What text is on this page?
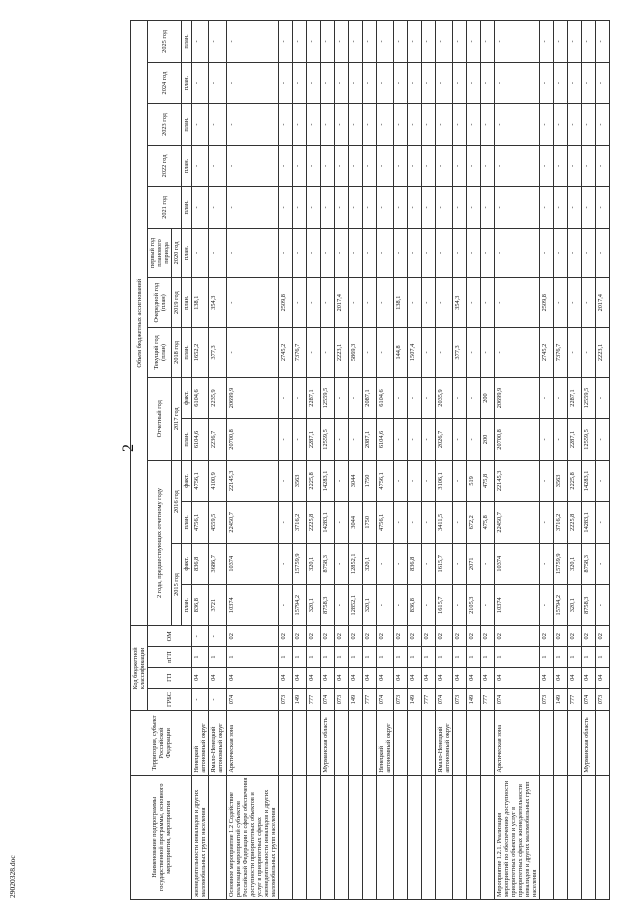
2
Наименование подпрограммы государственной программы, основного мероприятия, мероприятия	Территория, субъект Российской Федерации	Код бюджетной классификации				Объем бюджетных ассигнований													
		ГРБС	ГП	пГП	ОМ	2 года, предшествующих отчетному году				Отчетный год		Текущий год (план)	Очередной год (план)	первый год планового периода	2021 год	2022 год	2023 год	2024 год	2025 год
						2015 год		2016 год		2017 год		2018 год	2019 год	2020 год					
						план.	факт.	план.	факт.	план.	факт.	план.	план.	план.	план.	план.	план.	план.	план.
жизнедеятельности инвалидов и других маломобильных групп населения	Ненецкий автономный округ	-	04	1	-	836,8	836,8	4756,1	4756,1	6104,6	6104,6	1652,2	138,1	-	-	-	-	-	-
	Ямало-Ненецкий автономный округ	-	04	1	-	3721	3686,7	4559,5	4100,9	2236,7	2235,9	377,3	354,3	-	-	-	-	-	-
Основное мероприятие 1.2 Содействие реализации мероприятий субъектов Российской Федерации в сфере обеспечения доступности приоритетных объектов и услуг в приоритетных сферах жизнедеятельности инвалидов и других маломобильных групп населения	Арктическая зона	074	04	1	02	10374	10374	22450,7	22145,3	20700,8	20699,9	-	-	-	-	-	-	-	-
		073	04	1	02	-	-	-	-	-	-	2745,2	2509,8	-	-	-	-	-	-
		149	04	1	02	15794,2	15759,9	3716,2	3563	-	-	7376,7	-	-	-	-	-	-	-
		777	04	1	02	320,1	320,1	2225,8	2225,8	2287,1	2287,1	-	-	-	-	-	-	-	-
	Мурманская область	074	04	1	02	8758,3	8758,3	14283,1	14283,1	12559,5	12559,5	-	-	-	-	-	-	-	-
		073	04	1	02	-	-	-	-	-	-	2223,1	2017,4	-	-	-	-	-	-
		149	04	1	02	12852,1	12852,1	3044	3044	-	-	5869,3	-	-	-	-	-	-	-
		777	04	1	02	320,1	320,1	1750	1750	2087,1	2087,1	-	-	-	-	-	-	-	-
	Ненецкий автономный округ	074	04	1	02	-	-	4756,1	4756,1	6104,6	6104,6	-	-	-	-	-	-	-	-
		073	04	1	02	-	-	-	-	-	-	144,8	138,1	-	-	-	-	-	-
		149	04	1	02	836,8	836,8	-	-	-	-	1507,4	-	-	-	-	-	-	-
		777	04	1	02	-	-	-	-	-	-	-	-	-	-	-	-	-	-
	Ямало-Ненецкий автономный округ	074	04	1	02	1615,7	1615,7	3411,5	3106,1	2026,7	2035,9	-	-	-	-	-	-	-	-
		073	04	1	02	-	-	-	-	-	-	377,3	354,3	-	-	-	-	-	-
		149	04	1	02	2105,3	2071	672,2	519	-	-	-	-	-	-	-	-	-	-
		777	04	1	02	-	-	475,8	475,8	200	200	-	-	-	-	-	-	-	-
Мероприятие 1.2.1. Реализация мероприятий по обеспечению доступности приоритетных объектов и услуг в приоритетных сферах жизнедеятельности инвалидов и других маломобильных групп населения	Арктическая зона	074	04	1	02	10374	10374	22450,7	22145,3	20700,8	20699,9	-	-	-	-	-	-	-	-
		073	04	1	02	-	-	-	-	-	-	2745,2	2509,8	-	-	-	-	-	-
		149	04	1	02	15794,2	15759,9	3716,2	3563	-	-	7376,7	-	-	-	-	-	-	-
		777	04	1	02	320,1	320,1	2225,8	2225,8	2287,1	2287,1	-	-	-	-	-	-	-	-
	Мурманская область	074	04	1	02	8758,3	8758,3	14283,1	14283,1	12559,5	12559,5	-	-	-	-	-	-	-	-
		073	04	1	02	-	-	-	-	-	-	2223,1	2017,4	-	-	-	-	-	-
29020328.doc
